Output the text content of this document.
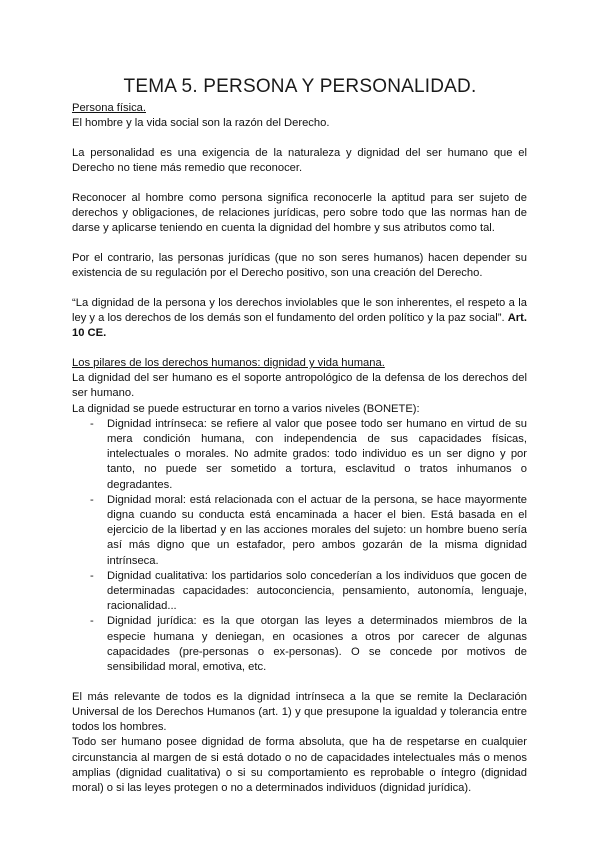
TEMA 5. PERSONA Y PERSONALIDAD.

Persona física.

El hombre y la vida social son la razón del Derecho.

La personalidad es una exigencia de la naturaleza y dignidad del ser humano que el Derecho no tiene más remedio que reconocer.

Reconocer al hombre como persona significa reconocerle la aptitud para ser sujeto de derechos y obligaciones, de relaciones jurídicas, pero sobre todo que las normas han de darse y aplicarse teniendo en cuenta la dignidad del hombre y sus atributos como tal.

Por el contrario, las personas jurídicas (que no son seres humanos) hacen depender su existencia de su regulación por el Derecho positivo, son una creación del Derecho.

“La dignidad de la persona y los derechos inviolables que le son inherentes, el respeto a la ley y a los derechos de los demás son el fundamento del orden político y la paz social”. Art. 10 CE.

Los pilares de los derechos humanos: dignidad y vida humana.

La dignidad del ser humano es el soporte antropológico de la defensa de los derechos del ser humano.

La dignidad se puede estructurar en torno a varios niveles (BONETE):

- Dignidad intrínseca: se refiere al valor que posee todo ser humano en virtud de su mera condición humana, con independencia de sus capacidades físicas, intelectuales o morales. No admite grados: todo individuo es un ser digno y por tanto, no puede ser sometido a tortura, esclavitud o tratos inhumanos o degradantes.
- Dignidad moral: está relacionada con el actuar de la persona, se hace mayormente digna cuando su conducta está encaminada a hacer el bien. Está basada en el ejercicio de la libertad y en las acciones morales del sujeto: un hombre bueno sería así más digno que un estafador, pero ambos gozarán de la misma dignidad intrínseca.
- Dignidad cualitativa: los partidarios solo concederían a los individuos que gocen de determinadas capacidades: autoconciencia, pensamiento, autonomía, lenguaje, racionalidad...
- Dignidad jurídica: es la que otorgan las leyes a determinados miembros de la especie humana y deniegan, en ocasiones a otros por carecer de algunas capacidades (pre-personas o ex-personas). O se concede por motivos de sensibilidad moral, emotiva, etc.

El más relevante de todos es la dignidad intrínseca a la que se remite la Declaración Universal de los Derechos Humanos (art. 1) y que presupone la igualdad y tolerancia entre todos los hombres.

Todo ser humano posee dignidad de forma absoluta, que ha de respetarse en cualquier circunstancia al margen de si está dotado o no de capacidades intelectuales más o menos amplias (dignidad cualitativa) o si su comportamiento es reprobable o íntegro (dignidad moral) o si las leyes protegen o no a determinados individuos (dignidad jurídica).
